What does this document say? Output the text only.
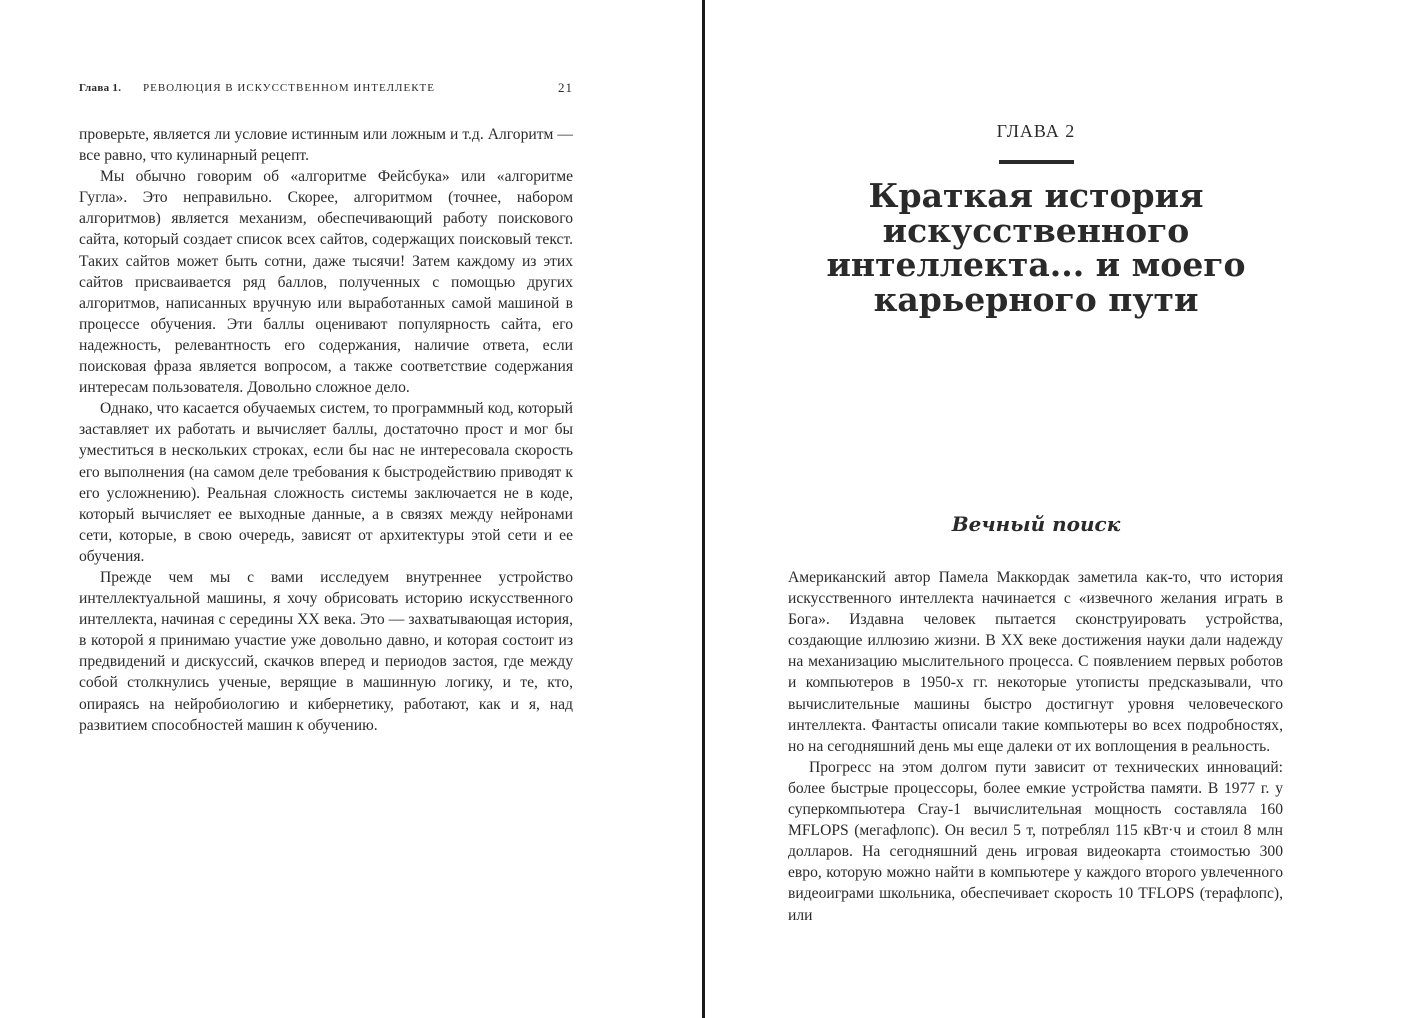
Глава 1. РЕВОЛЮЦИЯ В ИСКУССТВЕННОМ ИНТЕЛЛЕКТЕ	21

проверьте, является ли условие истинным или ложным и т.д. Алгоритм — все равно, что кулинарный рецепт.

Мы обычно говорим об «алгоритме Фейсбука» или «алгоритме Гугла». Это неправильно. Скорее, алгоритмом (точнее, набором алгоритмов) является механизм, обеспечивающий работу поискового сайта, который создает список всех сайтов, содержащих поисковый текст. Таких сайтов может быть сотни, даже тысячи! Затем каждому из этих сайтов присваивается ряд баллов, полученных с помощью других алгоритмов, написанных вручную или выработанных самой машиной в процессе обучения. Эти баллы оценивают популярность сайта, его надежность, релевантность его содержания, наличие ответа, если поисковая фраза является вопросом, а также соответствие содержания интересам пользователя. Довольно сложное дело.

Однако, что касается обучаемых систем, то программный код, который заставляет их работать и вычисляет баллы, достаточно прост и мог бы уместиться в нескольких строках, если бы нас не интересовала скорость его выполнения (на самом деле требования к быстродействию приводят к его усложнению). Реальная сложность системы заключается не в коде, который вычисляет ее выходные данные, а в связях между нейронами сети, которые, в свою очередь, зависят от архитектуры этой сети и ее обучения.

Прежде чем мы с вами исследуем внутреннее устройство интеллектуальной машины, я хочу обрисовать историю искусственного интеллекта, начиная с середины XX века. Это — захватывающая история, в которой я принимаю участие уже довольно давно, и которая состоит из предвидений и дискуссий, скачков вперед и периодов застоя, где между собой столкнулись ученые, верящие в машинную логику, и те, кто, опираясь на нейробиологию и кибернетику, работают, как и я, над развитием способностей машин к обучению.

ГЛАВА 2
Краткая история искусственного интеллекта... и моего карьерного пути
Вечный поиск

Американский автор Памела Маккордак заметила как-то, что история искусственного интеллекта начинается с «извечного желания играть в Бога». Издавна человек пытается сконструировать устройства, создающие иллюзию жизни. В XX веке достижения науки дали надежду на механизацию мыслительного процесса. С появлением первых роботов и компьютеров в 1950-х гг. некоторые утописты предсказывали, что вычислительные машины быстро достигнут уровня человеческого интеллекта. Фантасты описали такие компьютеры во всех подробностях, но на сегодняшний день мы еще далеки от их воплощения в реальность.

Прогресс на этом долгом пути зависит от технических инноваций: более быстрые процессоры, более емкие устройства памяти. В 1977 г. у суперкомпьютера Cray-1 вычислительная мощность составляла 160 MFLOPS (мегафлопс). Он весил 5 т, потреблял 115 кВт·ч и стоил 8 млн долларов. На сегодняшний день игровая видеокарта стоимостью 300 евро, которую можно найти в компьютере у каждого второго увлеченного видеоиграми школьника, обеспечивает скорость 10 TFLOPS (терафлопс), или
